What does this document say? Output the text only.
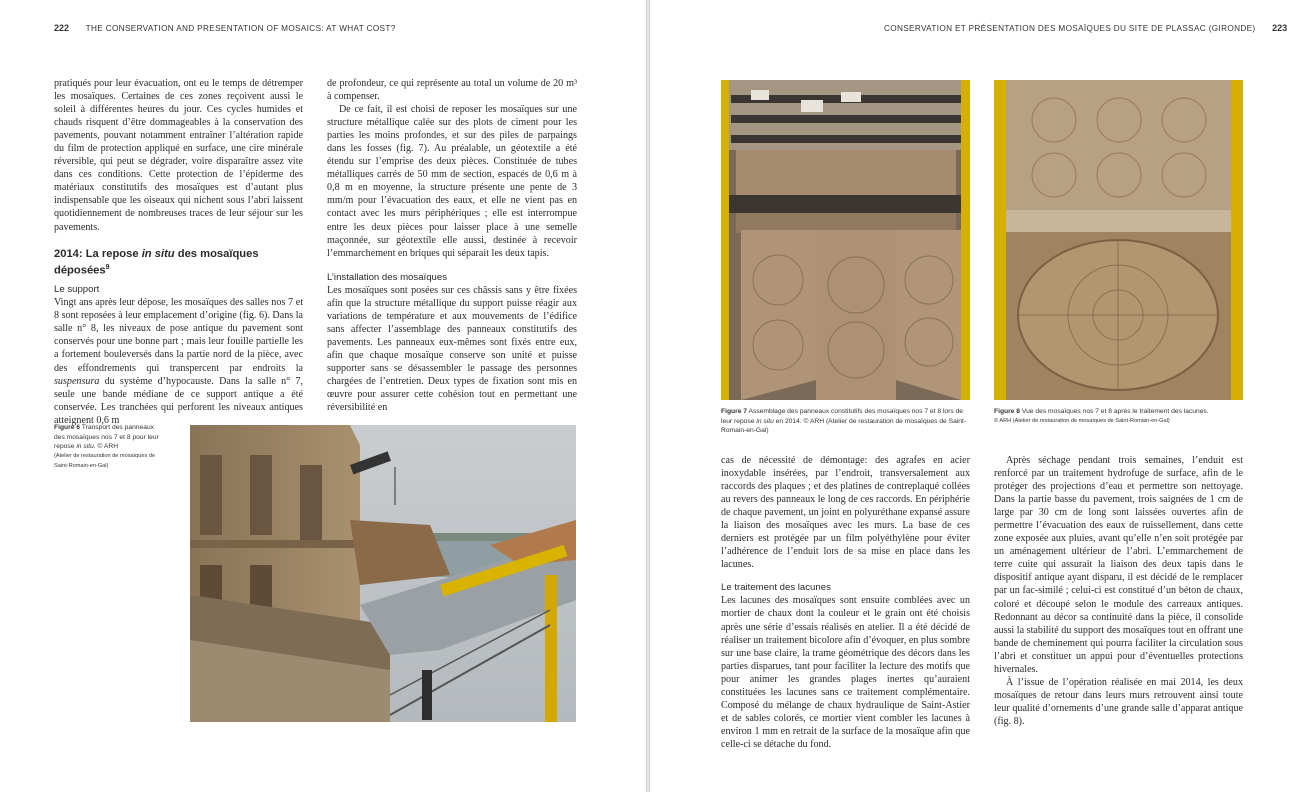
222 THE CONSERVATION AND PRESENTATION OF MOSAICS: AT WHAT COST?

pratiqués pour leur évacuation, ont eu le temps de détremper les mosaïques. Certaines de ces zones reçoivent aussi le soleil à différentes heures du jour. Ces cycles humides et chauds risquent d’être dommageables à la conservation des pavements, pouvant notamment entraîner l’altération rapide du film de protection appliqué en surface, une cire minérale réversible, qui peut se dégrader, voire disparaître assez vite dans ces conditions. Cette protection de l’épiderme des matériaux constitutifs des mosaïques est d’autant plus indispensable que les oiseaux qui nichent sous l’abri laissent quotidiennement de nombreuses traces de leur séjour sur les pavements.

2014: La repose in situ des mosaïques déposées$^9$

Le support

Vingt ans après leur dépose, les mosaïques des salles nos 7 et 8 sont reposées à leur emplacement d’origine (fig. 6). Dans la salle n° 8, les niveaux de pose antique du pavement sont conservés pour une bonne part ; mais leur fouille partielle les a fortement bouleversés dans la partie nord de la pièce, avec des effondrements qui transpercent par endroits la suspensura du système d’hypocauste. Dans la salle n° 7, seule une bande médiane de ce support antique a été conservée. Les tranchées qui perforent les niveaux antiques atteignent 0,6 m

de profondeur, ce qui représente au total un volume de 20 m³ à compenser.

De ce fait, il est choisi de reposer les mosaïques sur une structure métallique calée sur des plots de ciment pour les parties les moins profondes, et sur des piles de parpaings dans les fosses (fig. 7). Au préalable, un géotextile a été étendu sur l’emprise des deux pièces. Constituée de tubes métalliques carrés de 50 mm de section, espacés de 0,6 m à 0,8 m en moyenne, la structure présente une pente de 3 mm/m pour l’évacuation des eaux, et elle ne vient pas en contact avec les murs périphériques ; elle est interrompue entre les deux pièces pour laisser place à une semelle maçonnée, sur géotextile elle aussi, destinée à recevoir l’emmarchement en briques qui séparait les deux tapis.

L’installation des mosaïques

Les mosaïques sont posées sur ces châssis sans y être fixées afin que la structure métallique du support puisse réagir aux variations de température et aux mouvements de l’édifice sans affecter l’assemblage des panneaux constitutifs des pavements. Les panneaux eux-mêmes sont fixés entre eux, afin que chaque mosaïque conserve son unité et puisse supporter sans se désassembler le passage des personnes chargées de l’entretien. Deux types de fixation sont mis en œuvre pour assurer cette cohésion tout en permettant une réversibilité en

Figure 6 Transport des panneaux des mosaïques nos 7 et 8 pour leur repose in situ. © ARH
(Atelier de restauration de mosaïques de Saint-Romain-en-Gal)
CONSERVATION ET PRÉSENTATION DES MOSAÏQUES DU SITE DE PLASSAC (GIRONDE) 223
Figure 7 Assemblage des panneaux constitutifs des mosaïques nos 7 et 8 lors de leur repose in situ en 2014. © ARH (Atelier de restauration de mosaïques de Saint-Romain-en-Gal)
Figure 8 Vue des mosaïques nos 7 et 8 après le traitement des lacunes.
© ARH (Atelier de restauration de mosaïques de Saint-Romain-en-Gal)

cas de nécessité de démontage: des agrafes en acier inoxydable insérées, par l’endroit, transversalement aux raccords des plaques ; et des platines de contreplaqué collées au revers des panneaux le long de ces raccords. En périphérie de chaque pavement, un joint en polyuréthane expansé assure la liaison des mosaïques avec les murs. La base de ces derniers est protégée par un film polyéthylène pour éviter l’adhérence de l’enduit lors de sa mise en place dans les lacunes.

Le traitement des lacunes

Les lacunes des mosaïques sont ensuite comblées avec un mortier de chaux dont la couleur et le grain ont été choisis après une série d’essais réalisés en atelier. Il a été décidé de réaliser un traitement bicolore afin d’évoquer, en plus sombre sur une base claire, la trame géométrique des décors dans les parties disparues, tant pour faciliter la lecture des motifs que pour animer les grandes plages inertes qu’auraient constituées les lacunes sans ce traitement complémentaire. Composé du mélange de chaux hydraulique de Saint-Astier et de sables colorés, ce mortier vient combler les lacunes à environ 1 mm en retrait de la surface de la mosaïque afin que celle-ci se détache du fond.

Après séchage pendant trois semaines, l’enduit est renforcé par un traitement hydrofuge de surface, afin de le protéger des projections d’eau et permettre son nettoyage. Dans la partie basse du pavement, trois saignées de 1 cm de large par 30 cm de long sont laissées ouvertes afin de permettre l’évacuation des eaux de ruissellement, dans cette zone exposée aux pluies, avant qu’elle n’en soit protégée par un aménagement ultérieur de l’abri. L’emmarchement de terre cuite qui assurait la liaison des deux tapis dans le dispositif antique ayant disparu, il est décidé de le remplacer par un fac-similé ; celui-ci est constitué d’un béton de chaux, coloré et découpé selon le module des carreaux antiques. Redonnant au décor sa continuité dans la pièce, il consolide aussi la stabilité du support des mosaïques tout en offrant une bande de cheminement qui pourra faciliter la circulation sous l’abri et constituer un appui pour d’éventuelles protections hivernales.

À l’issue de l’opération réalisée en mai 2014, les deux mosaïques de retour dans leurs murs retrouvent ainsi toute leur qualité d’ornements d’une grande salle d’apparat antique (fig. 8).
